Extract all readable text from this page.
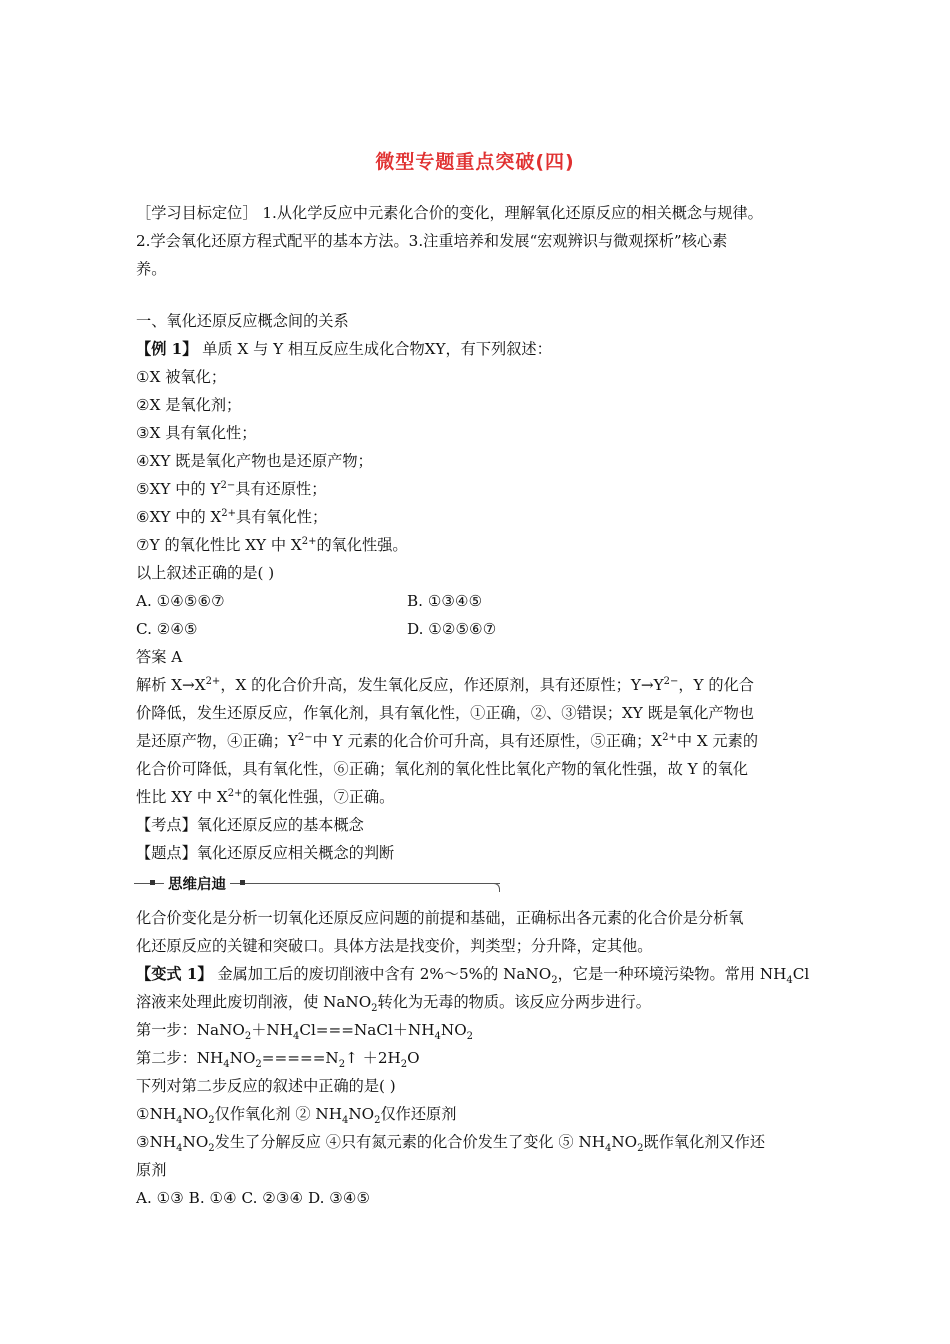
微型专题重点突破(四)
［学习目标定位］ 1.从化学反应中元素化合价的变化，理解氧化还原反应的相关概念与规律。
2.学会氧化还原方程式配平的基本方法。3.注重培养和发展“宏观辨识与微观探析”核心素
养。
一、氧化还原反应概念间的关系
【例 1】 单质 X 与 Y 相互反应生成化合物XY，有下列叙述：
①X 被氧化；
②X 是氧化剂；
③X 具有氧化性；
④XY 既是氧化产物也是还原产物；
⑤XY 中的 $Y^{2-}$具有还原性；
⑥XY 中的 $X^{2+}$具有氧化性；
⑦Y 的氧化性比 XY 中 $X^{2+}$的氧化性强。
以上叙述正确的是( )
A. ①④⑤⑥⑦	B. ①③④⑤
C. ②④⑤	D. ①②⑤⑥⑦
答案 A
解析 $X\to X^{2+}$，X 的化合价升高，发生氧化反应，作还原剂，具有还原性；$Y\to Y^{2-}$，Y 的化合
价降低，发生还原反应，作氧化剂，具有氧化性，①正确，②、③错误；XY 既是氧化产物也
是还原产物，④正确；$Y^{2-}$中 Y 元素的化合价可升高，具有还原性，⑤正确；$X^{2+}$中 X 元素的
化合价可降低，具有氧化性，⑥正确；氧化剂的氧化性比氧化产物的氧化性强，故 Y 的氧化
性比 XY 中 $X^{2+}$的氧化性强，⑦正确。
【考点】氧化还原反应的基本概念
【题点】氧化还原反应相关概念的判断
思维启迪
化合价变化是分析一切氧化还原反应问题的前提和基础，正确标出各元素的化合价是分析氧
化还原反应的关键和突破口。具体方法是找变价，判类型；分升降，定其他。
【变式 1】 金属加工后的废切削液中含有 2%～5%的 NaNO$_2$，它是一种环境污染物。常用 $NH_4Cl$
溶液来处理此废切削液，使 NaNO$_2$转化为无毒的物质。该反应分两步进行。
第一步：$NaNO_2+NH_4Cl===NaCl+NH_4NO_2$
第二步：$NH_4NO_2=====N_2↑ +2H_2O$
下列对第二步反应的叙述中正确的是( )
$①NH_4NO_2$仅作氧化剂 ② $NH_4NO_2$仅作还原剂
$③NH_4NO_2$发生了分解反应 ④只有氮元素的化合价发生了变化 ⑤ $NH_4NO_2$既作氧化剂又作还
原剂
A. ①③ B. ①④ C. ②③④ D. ③④⑤
